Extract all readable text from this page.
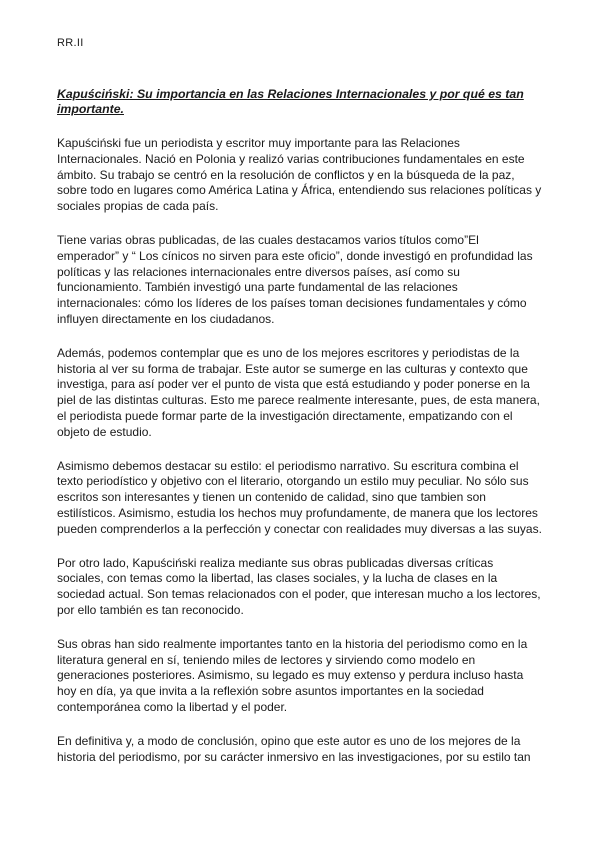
RR.II
Kapuściński: Su importancia en las Relaciones Internacionales y por qué es tan importante.

Kapuściński fue un periodista y escritor muy importante para las Relaciones Internacionales. Nació en Polonia y realizó varias contribuciones fundamentales en este ámbito. Su trabajo se centró en la resolución de conflictos y en la búsqueda de la paz, sobre todo en lugares como América Latina y África, entendiendo sus relaciones políticas y sociales propias de cada país.

Tiene varias obras publicadas, de las cuales destacamos varios títulos como”El emperador” y “ Los cínicos no sirven para este oficio”, donde investigó en profundidad las políticas y las relaciones internacionales entre diversos países, así como su funcionamiento. También investigó una parte fundamental de las relaciones internacionales: cómo los líderes de los países toman decisiones fundamentales y cómo influyen directamente en los ciudadanos.

Además, podemos contemplar que es uno de los mejores escritores y periodistas de la historia al ver su forma de trabajar. Este autor se sumerge en las culturas y contexto que investiga, para así poder ver el punto de vista que está estudiando y poder ponerse en la piel de las distintas culturas. Esto me parece realmente interesante, pues, de esta manera, el periodista puede formar parte de la investigación directamente, empatizando con el objeto de estudio.

Asimismo debemos destacar su estilo: el periodismo narrativo. Su escritura combina el texto periodístico y objetivo con el literario, otorgando un estilo muy peculiar. No sólo sus escritos son interesantes y tienen un contenido de calidad, sino que tambien son estilísticos. Asimismo, estudia los hechos muy profundamente, de manera que los lectores pueden comprenderlos a la perfección y conectar con realidades muy diversas a las suyas.

Por otro lado, Kapuściński realiza mediante sus obras publicadas diversas críticas sociales, con temas como la libertad, las clases sociales, y la lucha de clases en la sociedad actual. Son temas relacionados con el poder, que interesan mucho a los lectores, por ello también es tan reconocido.

Sus obras han sido realmente importantes tanto en la historia del periodismo como en la literatura general en sí, teniendo miles de lectores y sirviendo como modelo en generaciones posteriores. Asimismo, su legado es muy extenso y perdura incluso hasta hoy en día, ya que invita a la reflexión sobre asuntos importantes en la sociedad contemporánea como la libertad y el poder.

En definitiva y, a modo de conclusión, opino que este autor es uno de los mejores de la historia del periodismo, por su carácter inmersivo en las investigaciones, por su estilo tan
